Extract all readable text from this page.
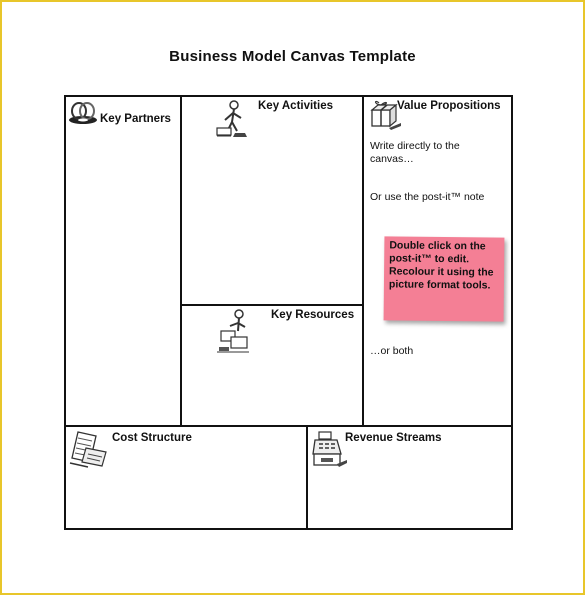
Business Model Canvas Template
Key Partners
Key Activities
Key Resources
Value Propositions
Write directly to the canvas…
Or use the post-it™ note
…or both
Double click on the post-it™ to edit. Recolour it using the picture format tools.
Cost Structure	Revenue Streams
